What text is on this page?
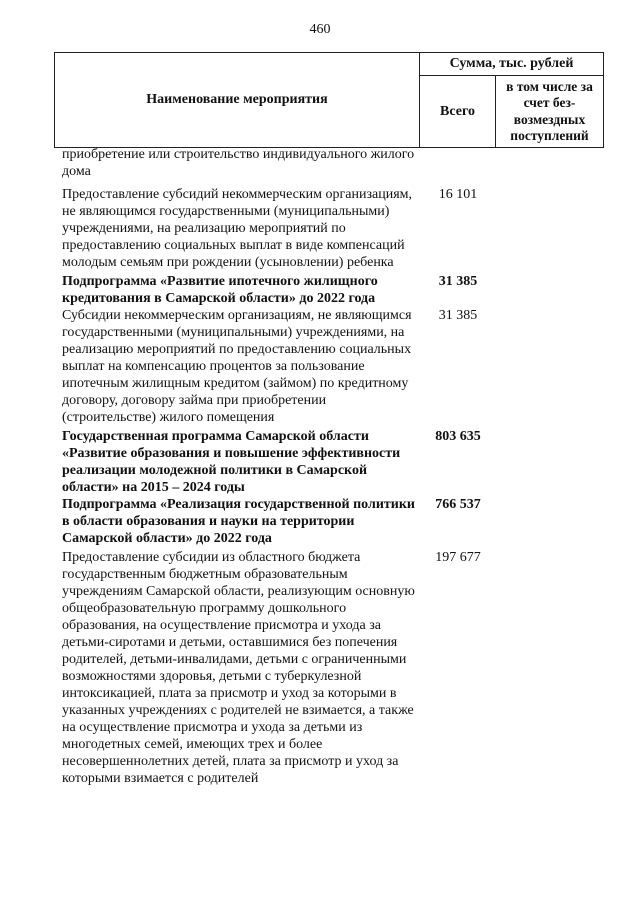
460
Наименование мероприятия
Сумма, тыс. рублей
Всего
в том числе за счет без-возмездных поступлений
приобретение или строительство индивидуального жилого дома
Предоставление субсидий некоммерческим организациям, не являющимся государственными (муниципальными) учреждениями, на реализацию мероприятий по предоставлению социальных выплат в виде компенсаций молодым семьям при рождении (усыновлении) ребенка
16 101
Подпрограмма «Развитие ипотечного жилищного кредитования в Самарской области» до 2022 года
31 385
Субсидии некоммерческим организациям, не являющимся государственными (муниципальными) учреждениями, на реализацию мероприятий по предоставлению социальных выплат на компенсацию процентов за пользование ипотечным жилищным кредитом (займом) по кредитному договору, договору займа при приобретении (строительстве) жилого помещения
31 385
Государственная программа Самарской области «Развитие образования и повышение эффективности реализации молодежной политики в Самарской области» на 2015 – 2024 годы
803 635
Подпрограмма «Реализация государственной политики в области образования и науки на территории Самарской области» до 2022 года
766 537
Предоставление субсидии из областного бюджета государственным бюджетным образовательным учреждениям Самарской области, реализующим основную общеобразовательную программу дошкольного образования, на осуществление присмотра и ухода за детьми-сиротами и детьми, оставшимися без попечения родителей, детьми-инвалидами, детьми с ограниченными возможностями здоровья, детьми с туберкулезной интоксикацией, плата за присмотр и уход за которыми в указанных учреждениях с родителей не взимается, а также на осуществление присмотра и ухода за детьми из многодетных семей, имеющих трех и более несовершеннолетних детей, плата за присмотр и уход за которыми взимается с родителей
197 677
